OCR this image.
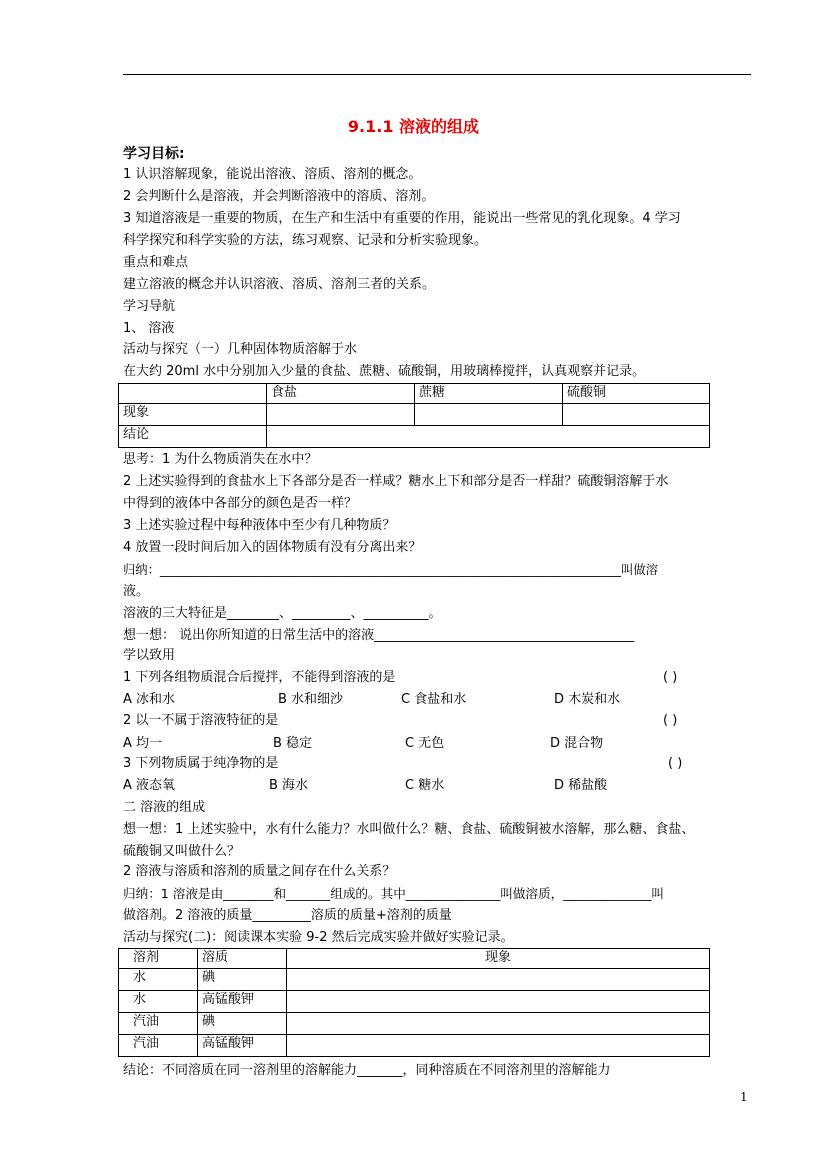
9.1.1 溶液的组成
学习目标:
1 认识溶解现象，能说出溶液、溶质、溶剂的概念。
2 会判断什么是溶液，并会判断溶液中的溶质、溶剂。
3 知道溶液是一重要的物质，在生产和生活中有重要的作用，能说出一些常见的乳化现象。4 学习
科学探究和科学实验的方法，练习观察、记录和分析实验现象。
重点和难点
建立溶液的概念并认识溶液、溶质、溶剂三者的关系。
学习导航
1、 溶液
活动与探究（一）几种固体物质溶解于水
在大约 20ml 水中分别加入少量的食盐、蔗糖、硫酸铜，用玻璃棒搅拌，认真观察并记录。
	食盐	蔗糖	硫酸铜
现象			
结论			
思考：1 为什么物质消失在水中？
2 上述实验得到的食盐水上下各部分是否一样咸？糖水上下和部分是否一样甜？硫酸铜溶解于水
中得到的液体中各部分的颜色是否一样？
3 上述实验过程中每种液体中至少有几种物质？
4 放置一段时间后加入的固体物质有没有分离出来？
归纳：___________________________________________________________________________叫做溶
液。
溶液的三大特征是________、_________、__________。
想一想： 说出你所知道的日常生活中的溶液________________________________________
学以致用
1 下列各组物质混合后搅拌，不能得到溶液的是	( )
A 冰和水	B 水和细沙	C 食盐和水	D 木炭和水
2 以一不属于溶液特征的是	( )
A 均一	B 稳定	C 无色	D 混合物
3 下列物质属于纯净物的是	( )
A 液态氧	B 海水	C 糖水	D 稀盐酸
二 溶液的组成
想一想：1 上述实验中，水有什么能力？水叫做什么？糖、食盐、硫酸铜被水溶解，那么糖、食盐、
硫酸铜又叫做什么？
2 溶液与溶质和溶剂的质量之间存在什么关系？
归纳：1 溶液是由________和_______组成的。其中_______________叫做溶质，______________叫
做溶剂。2 溶液的质量_________溶质的质量+溶剂的质量
活动与探究(二)：阅读课本实验 9-2 然后完成实验并做好实验记录。
溶剂	溶质	现象
水	碘	
水	高锰酸钾	
汽油	碘	
汽油	高锰酸钾	
结论：不同溶质在同一溶剂里的溶解能力_______，同种溶质在不同溶剂里的溶解能力
1
